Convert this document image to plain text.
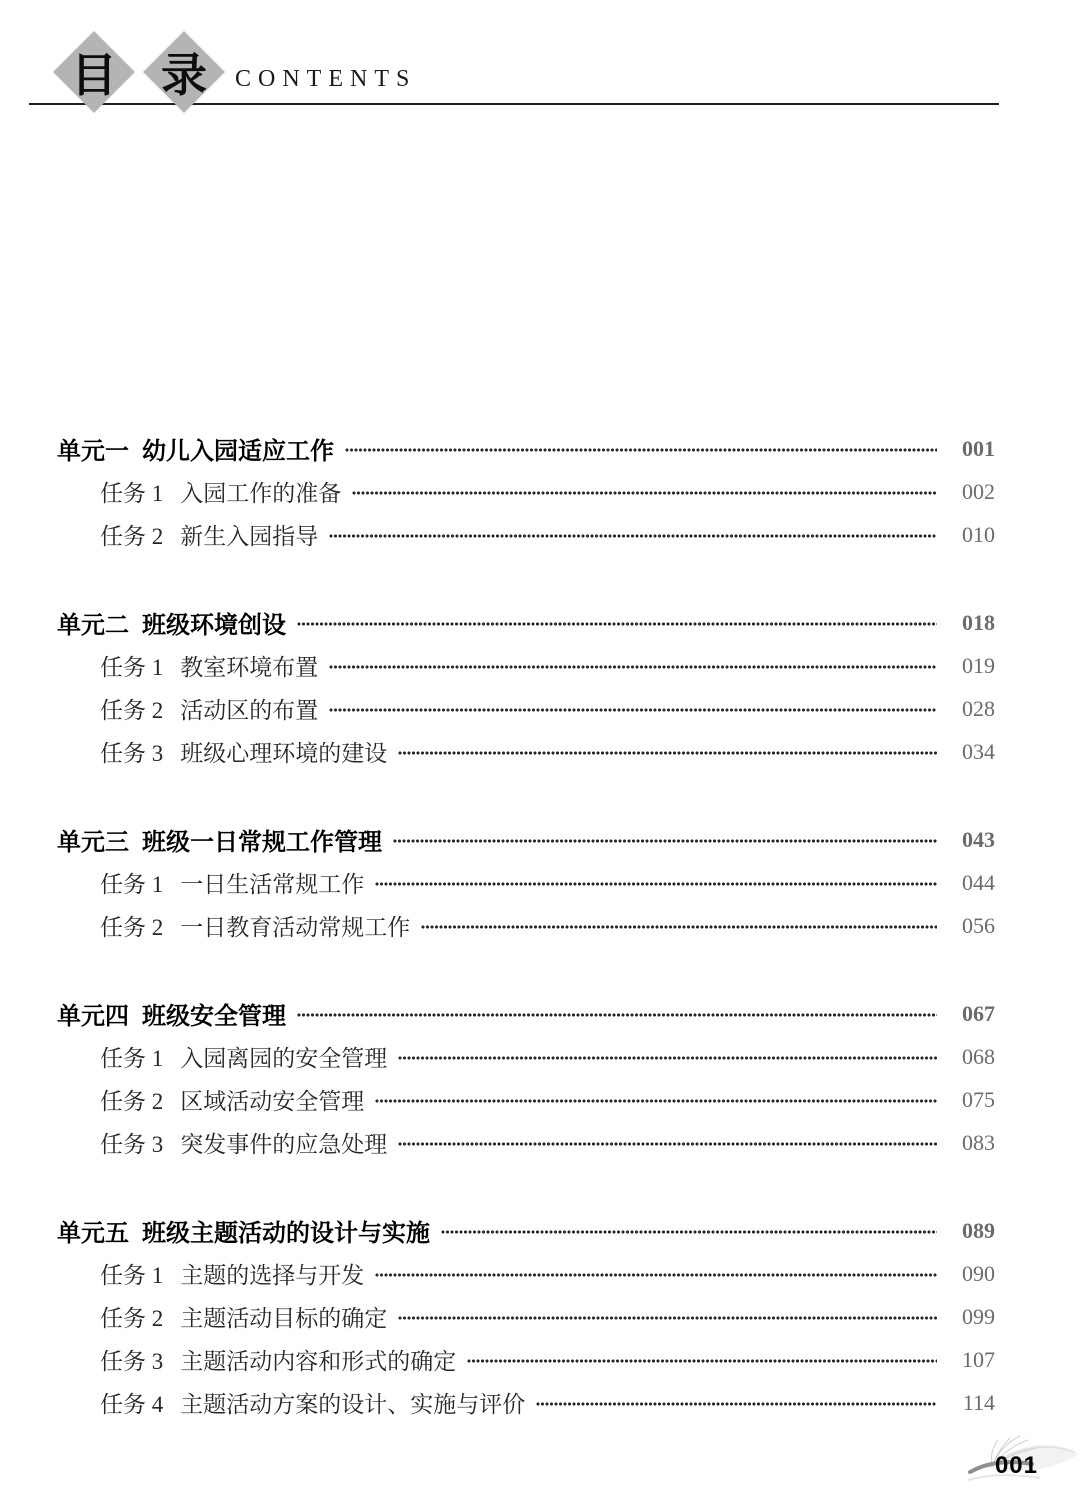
目 录 CONTENTS
单元一 幼儿入园适应工作	001
任务 1 入园工作的准备	002
任务 2 新生入园指导	010
单元二 班级环境创设	018
任务 1 教室环境布置	019
任务 2 活动区的布置	028
任务 3 班级心理环境的建设	034
单元三 班级一日常规工作管理	043
任务 1 一日生活常规工作	044
任务 2 一日教育活动常规工作	056
单元四 班级安全管理	067
任务 1 入园离园的安全管理	068
任务 2 区域活动安全管理	075
任务 3 突发事件的应急处理	083
单元五 班级主题活动的设计与实施	089
任务 1 主题的选择与开发	090
任务 2 主题活动目标的确定	099
任务 3 主题活动内容和形式的确定	107
任务 4 主题活动方案的设计、实施与评价	114
001
